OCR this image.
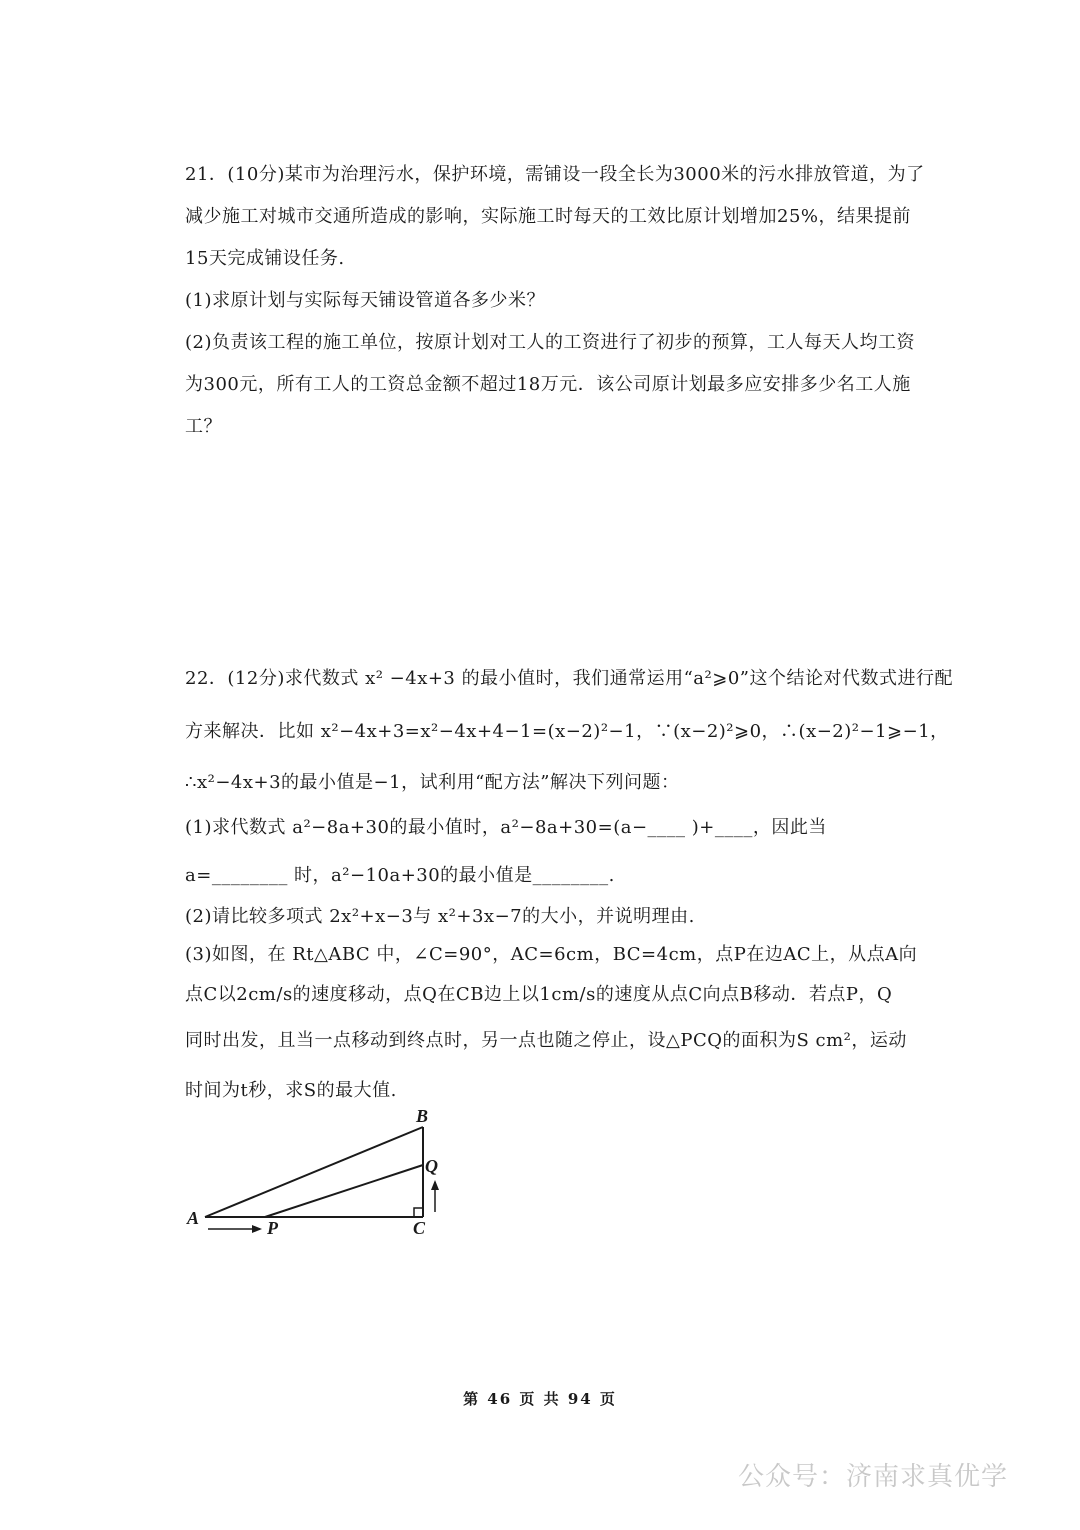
21．(10分)某市为治理污水，保护环境，需铺设一段全长为3000米的污水排放管道，为了
减少施工对城市交通所造成的影响，实际施工时每天的工效比原计划增加25%，结果提前
15天完成铺设任务.
(1)求原计划与实际每天铺设管道各多少米？
(2)负责该工程的施工单位，按原计划对工人的工资进行了初步的预算，工人每天人均工资
为300元，所有工人的工资总金额不超过18万元．该公司原计划最多应安排多少名工人施
工？
22．(12分)求代数式 x² −4x+3 的最小值时，我们通常运用“a²⩾0”这个结论对代数式进行配
方来解决．比如 x²−4x+3=x²−4x+4−1=(x−2)²−1，∵(x−2)²⩾0，∴(x−2)²−1⩾−1，
∴x²−4x+3的最小值是−1，试利用“配方法”解决下列问题：
(1)求代数式 a²−8a+30的最小值时，a²−8a+30=(a−____ )+____，因此当
a=________ 时，a²−10a+30的最小值是________.
(2)请比较多项式 2x²+x−3与 x²+3x−7的大小，并说明理由.
(3)如图，在 Rt△ABC 中，∠C=90°，AC=6cm，BC=4cm，点P在边AC上，从点A向
点C以2cm/s的速度移动，点Q在CB边上以1cm/s的速度从点C向点B移动．若点P，Q
同时出发，且当一点移动到终点时，另一点也随之停止，设△PCQ的面积为S cm²，运动
时间为t秒，求S的最大值.
A
B
C
P
Q
第 46 页 共 94 页
公众号：济南求真优学
